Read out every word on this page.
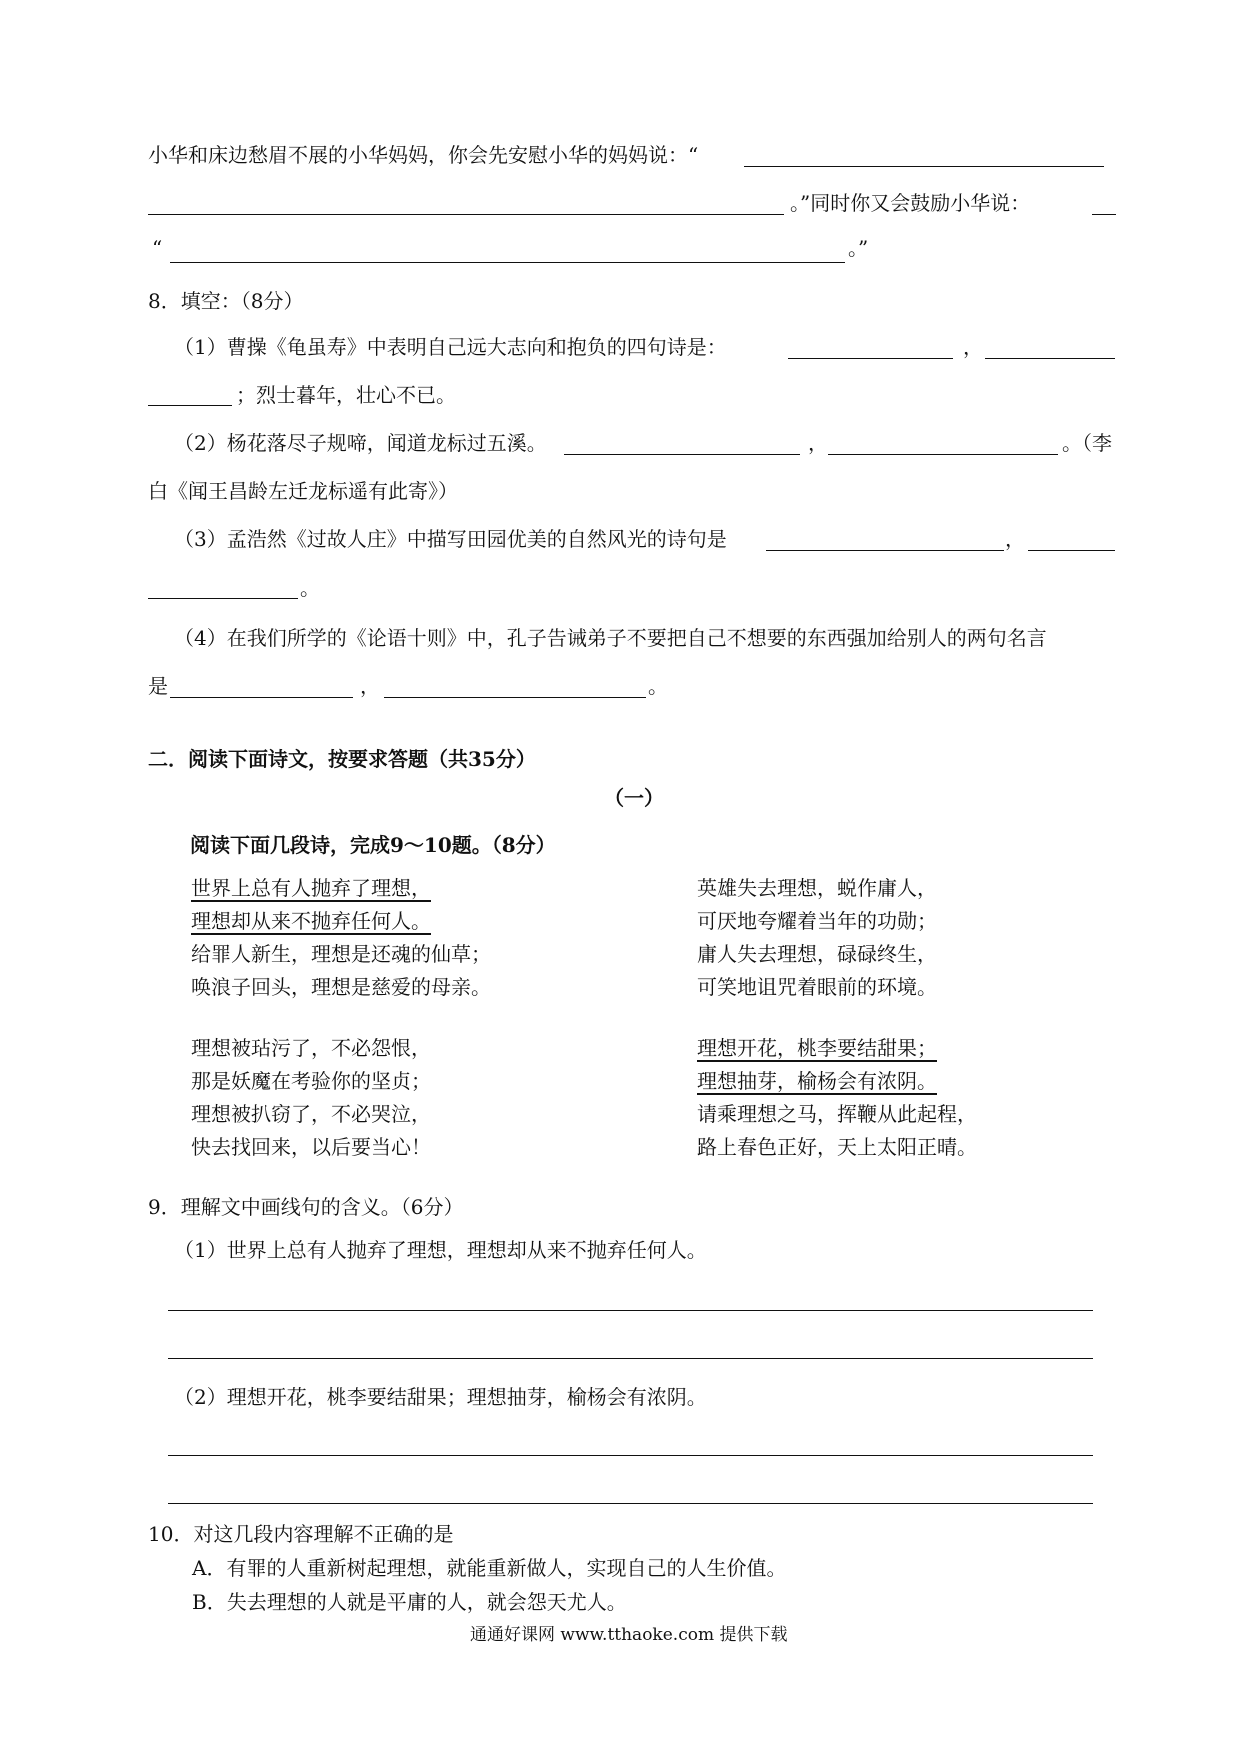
小华和床边愁眉不展的小华妈妈，你会先安慰小华的妈妈说：“
。”同时你又会鼓励小华说：
“	。”
8．填空：（8分）
（1）曹操《龟虽寿》中表明自己远大志向和抱负的四句诗是：	，
；烈士暮年，壮心不已。
（2）杨花落尽子规啼，闻道龙标过五溪。	，	。（李
白《闻王昌龄左迁龙标遥有此寄》）
（3）孟浩然《过故人庄》中描写田园优美的自然风光的诗句是	，
。
（4）在我们所学的《论语十则》中，孔子告诫弟子不要把自己不想要的东西强加给别人的两句名言
是	，	。
二．阅读下面诗文，按要求答题（共35分）
（一）
阅读下面几段诗，完成9～10题。（8分）
世界上总有人抛弃了理想，
理想却从来不抛弃任何人。
给罪人新生，理想是还魂的仙草；
唤浪子回头，理想是慈爱的母亲。
理想被玷污了，不必怨恨，
那是妖魔在考验你的坚贞；
理想被扒窃了，不必哭泣，
快去找回来，以后要当心！
英雄失去理想，蜕作庸人，
可厌地夸耀着当年的功勋；
庸人失去理想，碌碌终生，
可笑地诅咒着眼前的环境。
理想开花，桃李要结甜果；
理想抽芽，榆杨会有浓阴。
请乘理想之马，挥鞭从此起程，
路上春色正好，天上太阳正晴。
9．理解文中画线句的含义。（6分）
（1）世界上总有人抛弃了理想，理想却从来不抛弃任何人。
（2）理想开花，桃李要结甜果；理想抽芽，榆杨会有浓阴。
10．对这几段内容理解不正确的是
A．有罪的人重新树起理想，就能重新做人，实现自己的人生价值。
B．失去理想的人就是平庸的人，就会怨天尤人。
通通好课网 www.tthaoke.com 提供下载
